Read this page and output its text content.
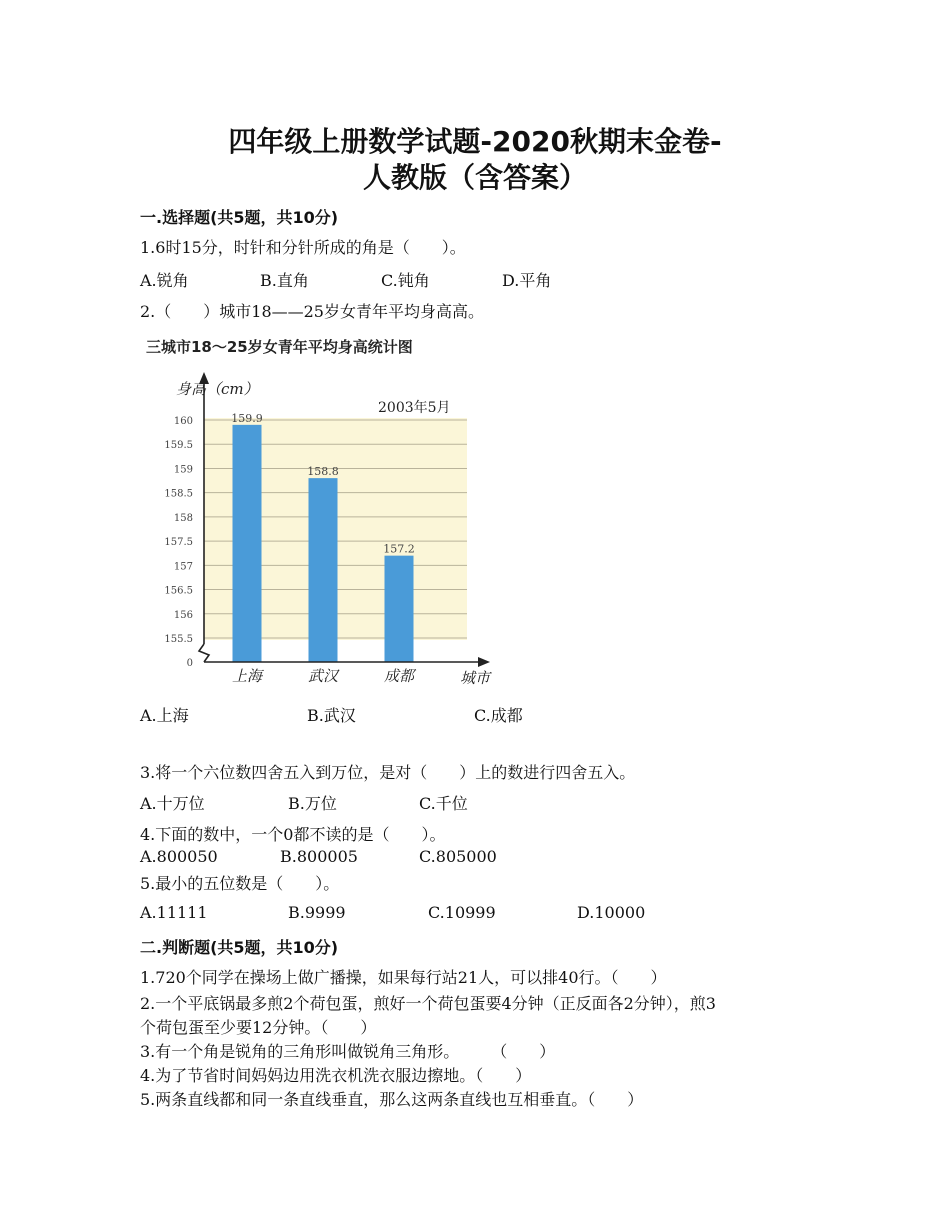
四年级上册数学试题-2020秋期末金卷-
人教版（含答案）
一.选择题(共5题，共10分)
1.6时15分，时针和分针所成的角是（　　）。
A.锐角	B.直角	C.钝角	D.平角
2.（　　）城市18——25岁女青年平均身高高。
三城市18～25岁女青年平均身高统计图
159.9
158.8
157.2
0
155.5
156
156.5
157
157.5
158
158.5
159
159.5
160
上海	武汉	成都
身高（cm）
2003年5月
城市
A.上海	B.武汉	C.成都
3.将一个六位数四舍五入到万位，是对（　　）上的数进行四舍五入。
A.十万位	B.万位	C.千位
4.下面的数中，一个0都不读的是（　　）。
A.800050	B.800005	C.805000
5.最小的五位数是（　　）。
A.11111	B.9999	C.10999	D.10000
二.判断题(共5题，共10分)
1.720个同学在操场上做广播操，如果每行站21人，可以排40行。（　　）
2.一个平底锅最多煎2个荷包蛋，煎好一个荷包蛋要4分钟（正反面各2分钟），煎3
个荷包蛋至少要12分钟。（　　）
3.有一个角是锐角的三角形叫做锐角三角形。　　　（　　）
4.为了节省时间妈妈边用洗衣机洗衣服边擦地。（　　）
5.两条直线都和同一条直线垂直，那么这两条直线也互相垂直。（　　）
